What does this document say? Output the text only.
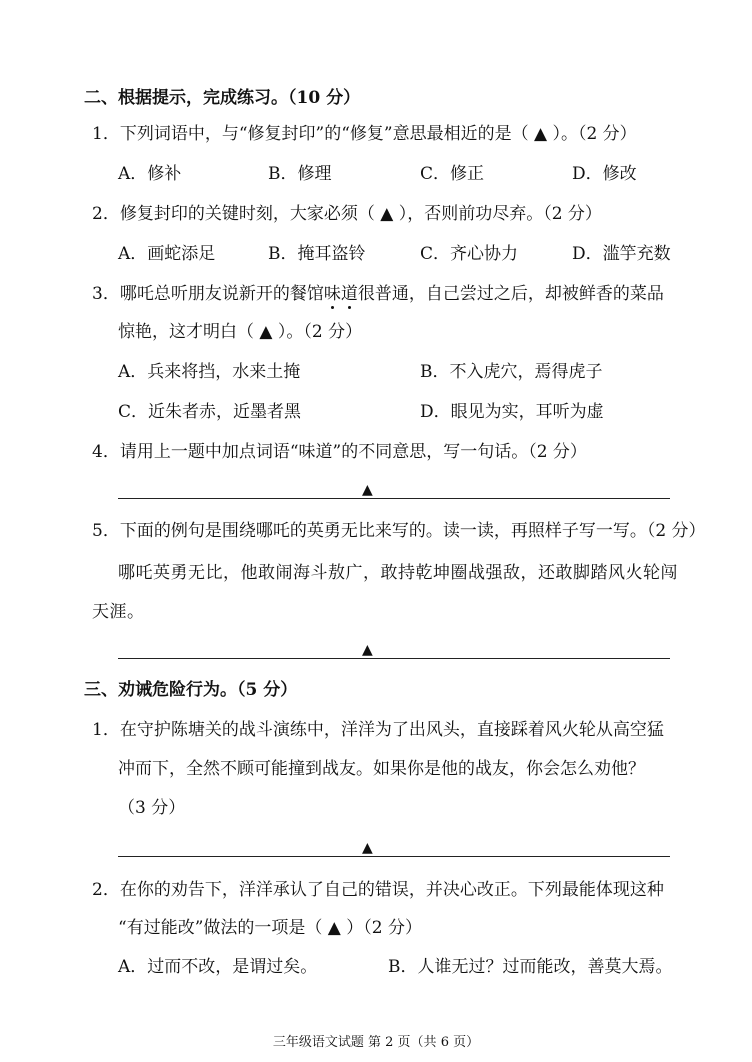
二、根据提示，完成练习。（10 分）
1．下列词语中，与“修复封印”的“修复”意思最相近的是（ ▲ ）。（2 分）
A．修补	B．修理	C．修正	D．修改
2．修复封印的关键时刻，大家必须（ ▲ ），否则前功尽弃。（2 分）
A．画蛇添足	B．掩耳盗铃	C．齐心协力	D．滥竽充数
3．哪吒总听朋友说新开的餐馆味道很普通，自己尝过之后，却被鲜香的菜品
惊艳，这才明白（ ▲ ）。（2 分）
A．兵来将挡，水来土掩	B．不入虎穴，焉得虎子
C．近朱者赤，近墨者黑	D．眼见为实，耳听为虚
4．请用上一题中加点词语“味道”的不同意思，写一句话。（2 分）
▲
5．下面的例句是围绕哪吒的英勇无比来写的。读一读，再照样子写一写。（2 分）
哪吒英勇无比，他敢闹海斗敖广，敢持乾坤圈战强敌，还敢脚踏风火轮闯
天涯。
▲
三、劝诫危险行为。（5 分）
1．在守护陈塘关的战斗演练中，洋洋为了出风头，直接踩着风火轮从高空猛
冲而下，全然不顾可能撞到战友。如果你是他的战友，你会怎么劝他？
（3 分）
▲
2．在你的劝告下，洋洋承认了自己的错误，并决心改正。下列最能体现这种
“有过能改”做法的一项是（ ▲ ）（2 分）
A．过而不改，是谓过矣。	B．人谁无过？过而能改，善莫大焉。
三年级语文试题 第 2 页（共 6 页）
